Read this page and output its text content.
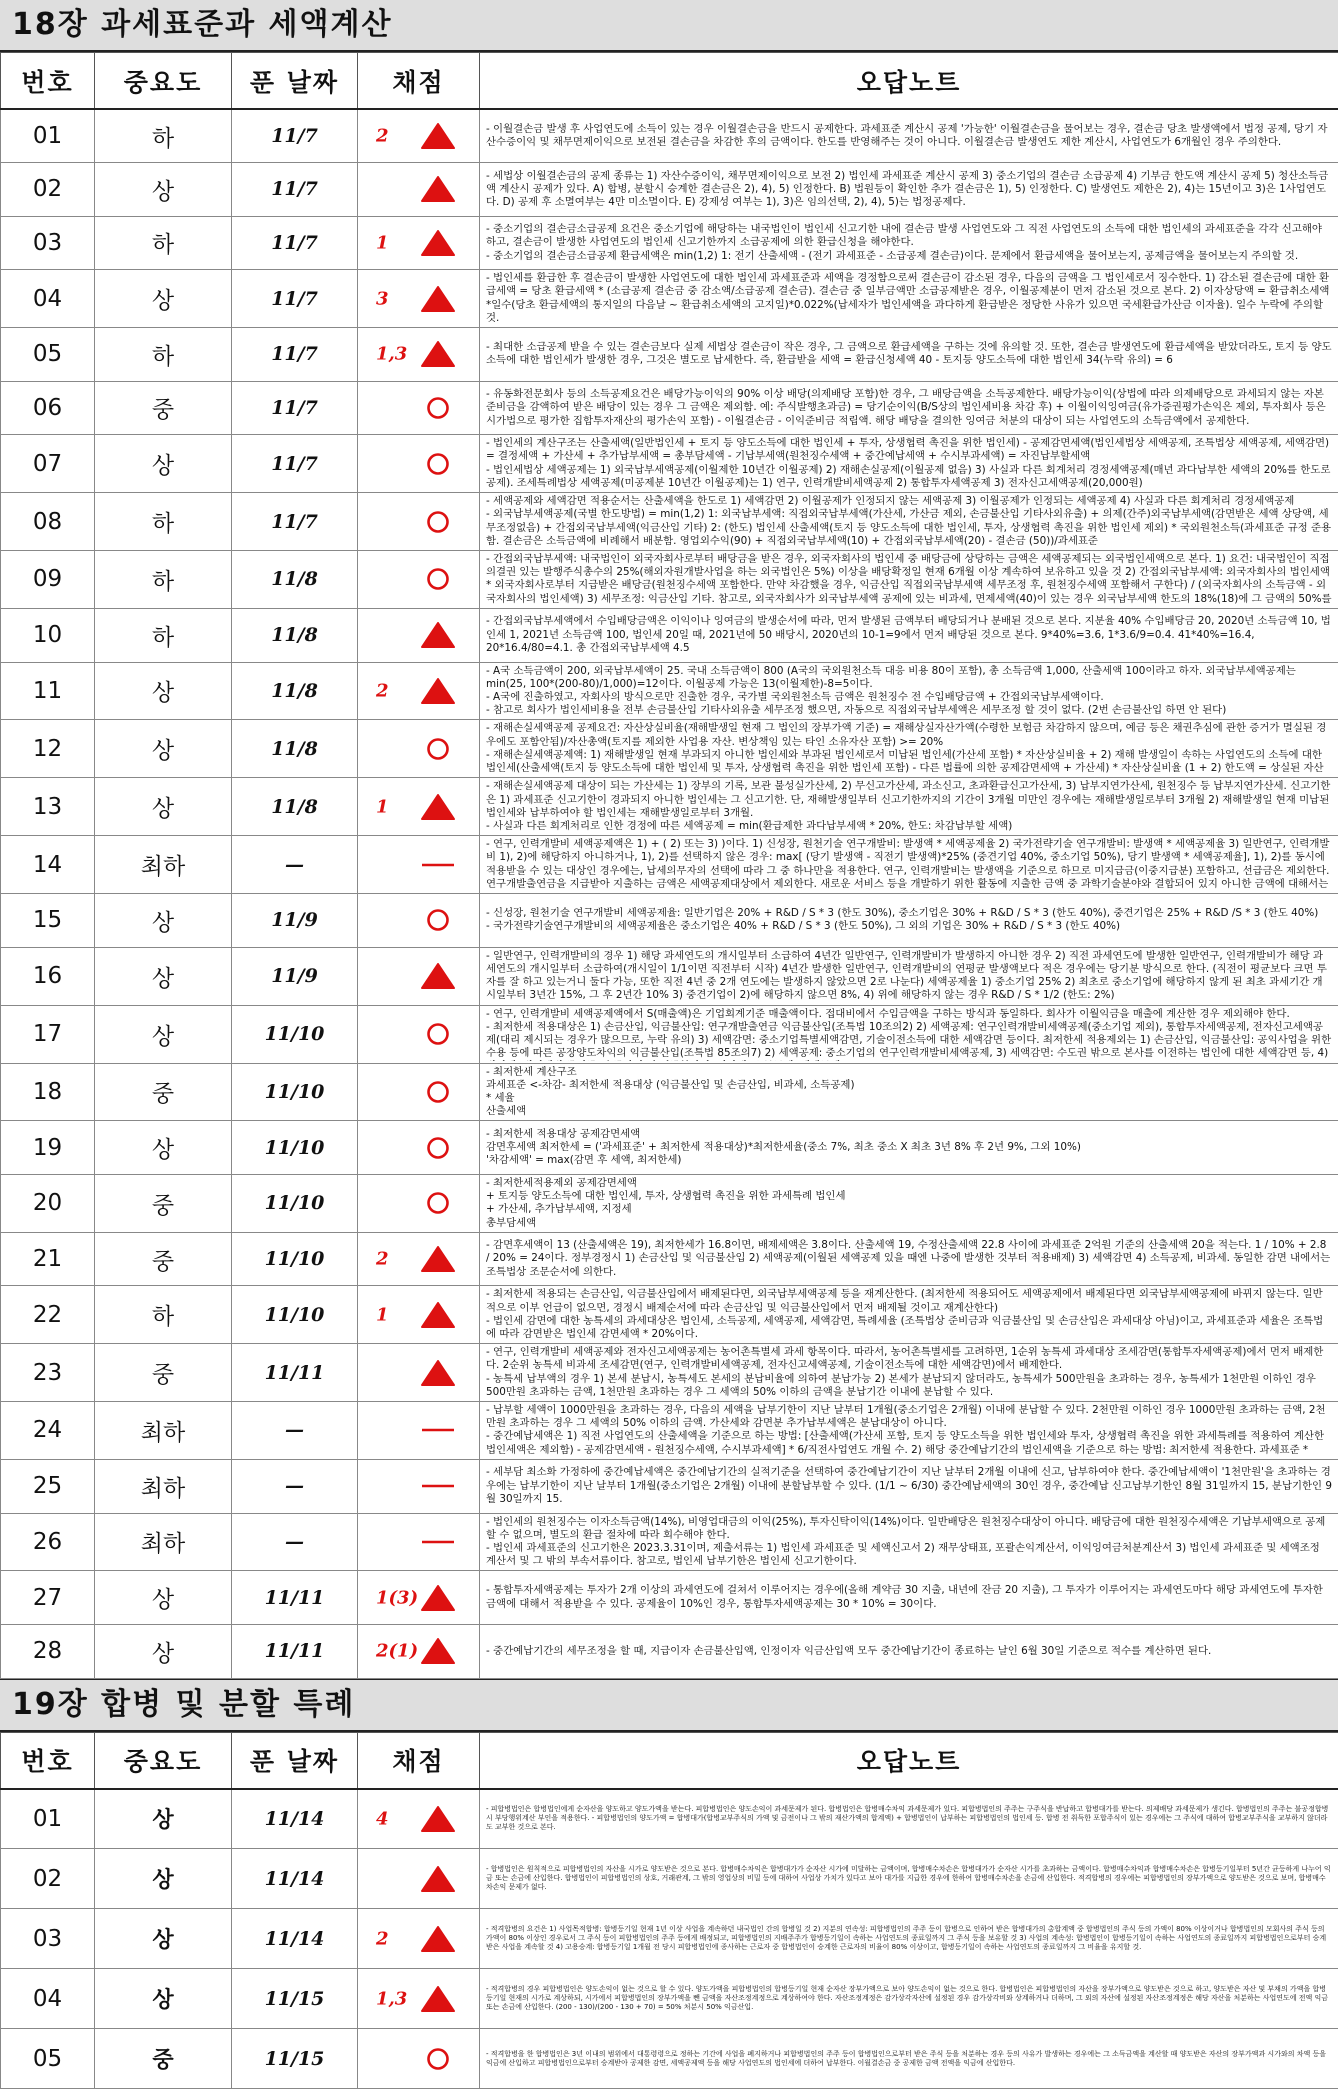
18장 과세표준과 세액계산
번호	중요도	푼 날짜	채점	오답노트
01	하	11/7	2	- 이월결손금 발생 후 사업연도에 소득이 있는 경우 이월결손금을 반드시 공제한다. 과세표준 계산시 공제 '가능한' 이월결손금을 물어보는 경우, 결손금 당초 발생액에서 법정 공제, 당기 자산수증이익 및 채무면제이익으로 보전된 결손금을 차감한 후의 금액이다. 한도를 반영해주는 것이 아니다. 이월결손금 발생연도 제한 계산시, 사업연도가 6개월인 경우 주의한다.

02	상	11/7		- 세법상 이월결손금의 공제 종류는 1) 자산수증이익, 채무면제이익으로 보전 2) 법인세 과세표준 계산시 공제 3) 중소기업의 결손금 소급공제 4) 기부금 한도액 계산시 공제 5) 청산소득금액 계산시 공제가 있다. A) 합병, 분할시 승계한 결손금은 2), 4), 5) 인정한다. B) 법원등이 확인한 추가 결손금은 1), 5) 인정한다. C) 발생연도 제한은 2), 4)는 15년이고 3)은 1사업연도다. D) 공제 후 소멸여부는 4만 미소멸이다. E) 강제성 여부는 1), 3)은 임의선택, 2), 4), 5)는 법정공제다.

03	하	11/7	1	- 중소기업의 결손금소급공제 요건은 중소기업에 해당하는 내국법인이 법인세 신고기한 내에 결손금 발생 사업연도와 그 직전 사업연도의 소득에 대한 법인세의 과세표준을 각각 신고해야 하고, 결손금이 발생한 사업연도의 법인세 신고기한까지 소급공제에 의한 환급신청을 해야한다.
- 중소기업의 결손금소급공제 환급세액은 min(1,2) 1: 전기 산출세액 - (전기 과세표준 - 소급공제 결손금)이다. 문제에서 환급세액을 물어보는지, 공제금액을 물어보는지 주의할 것.

04	상	11/7	3	- 법인세를 환급한 후 결손금이 발생한 사업연도에 대한 법인세 과세표준과 세액을 경정함으로써 결손금이 감소된 경우, 다음의 금액을 그 법인세로서 징수한다. 1) 감소된 결손금에 대한 환급세액 = 당초 환급세액 * (소급공제 결손금 중 감소액/소급공제 결손금). 결손금 중 일부금액만 소급공제받은 경우, 이월공제분이 먼저 감소된 것으로 본다. 2) 이자상당액 = 환급취소세액*일수(당초 환급세액의 통지일의 다음날 ~ 환급취소세액의 고지일)*0.022%(납세자가 법인세액을 과다하게 환급받은 정당한 사유가 있으면 국세환급가산금 이자율). 일수 누락에 주의할 것.

05	하	11/7	1,3	- 최대한 소급공제 받을 수 있는 결손금보다 실제 세법상 결손금이 작은 경우, 그 금액으로 환급세액을 구하는 것에 유의할 것. 또한, 결손금 발생연도에 환급세액을 받았더라도, 토지 등 양도소득에 대한 법인세가 발생한 경우, 그것은 별도로 납세한다. 즉, 환급받을 세액 = 환급신청세액 40 - 토지등 양도소득에 대한 법인세 34(누락 유의) = 6

06	중	11/7		- 유동화전문회사 등의 소득공제요건은 배당가능이익의 90% 이상 배당(의제배당 포함)한 경우, 그 배당금액을 소득공제한다. 배당가능이익(상법에 따라 의제배당으로 과세되지 않는 자본준비금을 감액하여 받은 배당이 있는 경우 그 금액은 제외함. 예: 주식발행초과금) = 당기순이익(B/S상의 법인세비용 차감 후) + 이월이익잉여금(유가증권평가손익은 제외, 투자회사 등은 시가법으로 평가한 집합투자재산의 평가손익 포함) - 이월결손금 - 이익준비금 적립액. 해당 배당을 결의한 잉여금 처분의 대상이 되는 사업연도의 소득금액에서 공제한다.

07	상	11/7		- 법인세의 계산구조는 산출세액(일반법인세 + 토지 등 양도소득에 대한 법인세 + 투자, 상생협력 촉진을 위한 법인세) - 공제감면세액(법인세법상 세액공제, 조특법상 세액공제, 세액감면) = 결정세액 + 가산세 + 추가납부세액 = 총부담세액 - 기납부세액(원천징수세액 + 중간예납세액 + 수시부과세액) = 자진납부할세액
- 법인세법상 세액공제는 1) 외국납부세액공제(이월제한 10년간 이월공제) 2) 재해손실공제(이월공제 없음) 3) 사실과 다른 회계처리 경정세액공제(매년 과다납부한 세액의 20%를 한도로 공제). 조세특례법상 세액공제(미공제분 10년간 이월공제)는 1) 연구, 인력개발비세액공제 2) 통합투자세액공제 3) 전자신고세액공제(20,000원)

08	하	11/7		- 세액공제와 세액감면 적용순서는 산출세액을 한도로 1) 세액감면 2) 이월공제가 인정되지 않는 세액공제 3) 이월공제가 인정되는 세액공제 4) 사실과 다른 회계처리 경정세액공제
- 외국납부세액공제(국별 한도방법) = min(1,2) 1: 외국납부세액: 직접외국납부세액(가산세, 가산금 제외, 손금불산입 기타사외유출) + 의제(간주)외국납부세액(감면받은 세액 상당액, 세무조정없음) + 간접외국납부세액(익금산입 기타) 2: (한도) 법인세 산출세액(토지 등 양도소득에 대한 법인세, 투자, 상생협력 촉진을 위한 법인세 제외) * 국외원천소득(과세표준 규정 준용함. 결손금은 소득금액에 비례해서 배분함. 영업외수익(90) + 직접외국납부세액(10) + 간접외국납부세액(20) - 결손금 (50))/과세표준

09	하	11/8		- 간접외국납부세액: 내국법인이 외국자회사로부터 배당금을 받은 경우, 외국자회사의 법인세 중 배당금에 상당하는 금액은 세액공제되는 외국법인세액으로 본다. 1) 요건: 내국법인이 직접 의결권 있는 발행주식총수의 25%(해외자원개발사업을 하는 외국법인은 5%) 이상을 배당확정일 현재 6개월 이상 계속하여 보유하고 있을 것 2) 간접외국납부세액: 외국자회사의 법인세액 * 외국자회사로부터 지급받은 배당금(원천징수세액 포함한다. 만약 차감했을 경우, 익금산입 직접외국납부세액 세무조정 후, 원천징수세액 포함해서 구한다) / (외국자회사의 소득금액 - 외국자회사의 법인세액) 3) 세무조정: 익금산입 기타. 참고로, 외국자회사가 외국납부세액 공제에 있는 비과세, 면제세액(40)이 있는 경우 외국납부세액 한도의 18%(18)에 그 금액의 50%를

10	하	11/8		- 간접외국납부세액에서 수입배당금액은 이익이나 잉여금의 발생순서에 따라, 먼저 발생된 금액부터 배당되거나 분배된 것으로 본다. 지분율 40% 수입배당금 20, 2020년 소득금액 10, 법인세 1, 2021년 소득금액 100, 법인세 20일 때, 2021년에 50 배당시, 2020년의 10-1=9에서 먼저 배당된 것으로 본다. 9*40%=3.6, 1*3.6/9=0.4. 41*40%=16.4, 20*16.4/80=4.1. 총 간접외국납부세액 4.5

11	상	11/8	2	- A국 소득금액이 200, 외국납부세액이 25. 국내 소득금액이 800 (A국의 국외원천소득 대응 비용 80이 포함), 총 소득금액 1,000, 산출세액 100이라고 하자. 외국납부세액공제는 min(25, 100*(200-80)/1,000)=12이다. 이월공제 가능은 13(이월제한)-8=5이다.
- A국에 진출하였고, 자회사의 방식으로만 진출한 경우, 국가별 국외원천소득 금액은 원천징수 전 수입배당금액 + 간접외국납부세액이다.
- 참고로 회사가 법인세비용을 전부 손금불산입 기타사외유출 세무조정 했으면, 자동으로 직접외국납부세액은 세무조정 할 것이 없다. (2번 손금불산입 하면 안 된다)

12	상	11/8		- 재해손실세액공제 공제요건: 자산상실비율(재해발생일 현재 그 법인의 장부가액 기준) = 재해상실자산가액(수령한 보험금 차감하지 않으며, 예금 등은 채권추심에 관한 증거가 멸실된 경우에도 포함안됨)/자산총액(토지를 제외한 사업용 자산. 변상책임 있는 타인 소유자산 포함) >= 20%
- 재해손실세액공제액: 1) 재해발생일 현재 부과되지 아니한 법인세와 부과된 법인세로서 미납된 법인세(가산세 포함) * 자산상실비율 + 2) 재해 발생일이 속하는 사업연도의 소득에 대한 법인세(산출세액(토지 등 양도소득에 대한 법인세 및 투자, 상생협력 촉진을 위한 법인세 포함) - 다른 법률에 의한 공제감면세액 + 가산세) * 자산상실비율 (1 + 2) 한도액 = 상실된 자산

13	상	11/8	1	- 재해손실세액공제 대상이 되는 가산세는 1) 장부의 기록, 보관 불성실가산세, 2) 무신고가산세, 과소신고, 초과환급신고가산세, 3) 납부지연가산세, 원천징수 등 납부지연가산세. 신고기한은 1) 과세표준 신고기한이 경과되지 아니한 법인세는 그 신고기한. 단, 재해발생일부터 신고기한까지의 기간이 3개월 미만인 경우에는 재해발생일로부터 3개월 2) 재해발생일 현재 미납된 법인세와 납부하여야 할 법인세는 재해발생일로부터 3개월.
- 사실과 다른 회계처리로 인한 경정에 따른 세액공제 = min(환급제한 과다납부세액 * 20%, 한도: 차감납부할 세액)

14	최하	—		- 연구, 인력개발비 세액공제액은 1) + ( 2) 또는 3) )이다. 1) 신성장, 원천기술 연구개발비: 발생액 * 세액공제율 2) 국가전략기술 연구개발비: 발생액 * 세액공제율 3) 일반연구, 인력개발비 1), 2)에 해당하지 아니하거나, 1), 2)를 선택하지 않은 경우: max[ (당기 발생액 - 직전기 발생액)*25% (중견기업 40%, 중소기업 50%), 당기 발생액 * 세액공제율], 1), 2)를 동시에 적용받을 수 있는 대상인 경우에는, 납세의무자의 선택에 따라 그 중 하나만을 적용한다. 연구, 인력개발비는 발생액을 기준으로 하므로 미지급금(이중지급분) 포함하고, 선급금은 제외한다. 연구개발출연금을 지급받아 지출하는 금액은 세액공제대상에서 제외한다. 새로운 서비스 등을 개발하기 위한 활동에 지출한 금액 중 과학기술분야와 결합되어 있지 아니한 금액에 대해서는

15	상	11/9		- 신성장, 원천기술 연구개발비 세액공제율: 일반기업은 20% + R&D / S * 3 (한도 30%), 중소기업은 30% + R&D / S * 3 (한도 40%), 중견기업은 25% + R&D /S * 3 (한도 40%)
- 국가전략기술연구개발비의 세액공제율은 중소기업은 40% + R&D / S * 3 (한도 50%), 그 외의 기업은 30% + R&D / S * 3 (한도 40%)

16	상	11/9		- 일반연구, 인력개발비의 경우 1) 해당 과세연도의 개시일부터 소급하여 4년간 일반연구, 인력개발비가 발생하지 아니한 경우 2) 직전 과세연도에 발생한 일반연구, 인력개발비가 해당 과세연도의 개시일부터 소급하여(개시일이 1/1이면 직전부터 시작) 4년간 발생한 일반연구, 인력개발비의 연평균 발생액보다 적은 경우에는 당기분 방식으로 한다. (직전이 평균보다 크면 투자를 잘 하고 있는거니 둘다 가능, 또한 직전 4년 중 2개 연도에는 발생하지 않았으면 2로 나눈다) 세액공제율 1) 중소기업 25% 2) 최초로 중소기업에 해당하지 않게 된 최초 과세기간 개시일부터 3년간 15%, 그 후 2년간 10% 3) 중견기업이 2)에 해당하지 않으면 8%, 4) 위에 해당하지 않는 경우 R&D / S * 1/2 (한도: 2%)

17	상	11/10		- 연구, 인력개발비 세액공제액에서 S(매출액)은 기업회계기준 매출액이다. 접대비에서 수입금액을 구하는 방식과 동일하다. 회사가 이월익금을 매출에 계산한 경우 제외해야 한다.
- 최저한세 적용대상은 1) 손금산입, 익금불산입: 연구개발출연금 익금불산입(조특법 10조의2) 2) 세액공제: 연구인력개발비세액공제(중소기업 제외), 통합투자세액공제, 전자신고세액공제(대리 제시되는 경우가 많으므로, 누락 유의) 3) 세액감면: 중소기업특별세액감면, 기술이전소득에 대한 세액감면 등이다. 최저한세 적용제외는 1) 손금산입, 익금불산입: 공익사업을 위한 수용 등에 따른 공장양도차익의 익금불산입(조특법 85조의7) 2) 세액공제: 중소기업의 연구인력개발비세액공제, 3) 세액감면: 수도권 밖으로 본사를 이전하는 법인에 대한 세액감면 등, 4)

18	중	11/10		- 최저한세 계산구조
과세표준 <-차감- 최저한세 적용대상 (익금불산입 및 손금산입, 비과세, 소득공제)
* 세율
산출세액

19	상	11/10		- 최저한세 적용대상 공제감면세액
감면후세액 최저한세 = ('과세표준' + 최저한세 적용대상)*최저한세율(중소 7%, 최초 중소 X 최초 3년 8% 후 2년 9%, 그외 10%)
'차감세액' = max(감면 후 세액, 최저한세)

20	중	11/10		- 최저한세적용제외 공제감면세액
+ 토지등 양도소득에 대한 법인세, 투자, 상생협력 촉진을 위한 과세특례 법인세
+ 가산세, 추가납부세액, 지정세
총부담세액

21	중	11/10	2	- 감면후세액이 13 (산출세액은 19), 최저한세가 16.8이면, 배제세액은 3.8이다. 산출세액 19, 수정산출세액 22.8 사이에 과세표준 2억원 기준의 산출세액 20을 적는다. 1 / 10% + 2.8 / 20% = 24이다. 정부경정시 1) 손금산입 및 익금불산입 2) 세액공제(이월된 세액공제 있을 때엔 나중에 발생한 것부터 적용배제) 3) 세액감면 4) 소득공제, 비과세. 동일한 감면 내에서는 조특법상 조문순서에 의한다.

22	하	11/10	1	- 최저한세 적용되는 손금산입, 익금불산입에서 배제된다면, 외국납부세액공제 등을 재계산한다. (최저한세 적용되어도 세액공제에서 배제된다면 외국납부세액공제에 바뀌지 않는다. 일반적으로 이부 언급이 없으면, 경정시 배제순서에 따라 손금산입 및 익금불산입에서 먼저 배제될 것이고 재계산한다)
- 법인세 감면에 대한 농특세의 과세대상은 법인세, 소득공제, 세액공제, 세액감면, 특례세율 (조특법상 준비금과 익금불산입 및 손금산입은 과세대상 아님)이고, 과세표준과 세율은 조특법에 따라 감면받은 법인세 감면세액 * 20%이다.

23	중	11/11		- 연구, 인력개발비 세액공제와 전자신고세액공제는 농어촌특별세 과세 항목이다. 따라서, 농어촌특별세를 고려하면, 1순위 농특세 과세대상 조세감면(통합투자세액공제)에서 먼저 배제한다. 2순위 농특세 비과세 조세감면(연구, 인력개발비세액공제, 전자신고세액공제, 기술이전소득에 대한 세액감면)에서 배제한다.
- 농특세 납부액의 경우 1) 본세 분납시, 농특세도 본세의 분납비율에 의하여 분납가능 2) 본세가 분납되지 않더라도, 농특세가 500만원을 초과하는 경우, 농특세가 1천만원 이하인 경우 500만원 초과하는 금액, 1천만원 초과하는 경우 그 세액의 50% 이하의 금액을 분납기간 이내에 분납할 수 있다.

24	최하	—		- 납부할 세액이 1000만원을 초과하는 경우, 다음의 세액을 납부기한이 지난 날부터 1개월(중소기업은 2개월) 이내에 분납할 수 있다. 2천만원 이하인 경우 1000만원 초과하는 금액, 2천만원 초과하는 경우 그 세액의 50% 이하의 금액. 가산세와 감면분 추가납부세액은 분납대상이 아니다.
- 중간예납세액은 1) 직전 사업연도의 산출세액을 기준으로 하는 방법: [산출세액(가산세 포함, 토지 등 양도소득을 위한 법인세와 투자, 상생협력 촉진을 위한 과세특례를 적용하여 계산한 법인세액은 제외함) - 공제감면세액 - 원천징수세액, 수시부과세액] * 6/직전사업연도 개월 수. 2) 해당 중간예납기간의 법인세액을 기준으로 하는 방법: 최저한세 적용한다. 과세표준 *

25	최하	—		- 세부담 최소화 가정하에 중간예납세액은 중간예납기간의 실적기준을 선택하여 중간예납기간이 지난 날부터 2개월 이내에 신고, 납부하여야 한다. 중간예납세액이 '1천만원'을 초과하는 경우에는 납부기한이 지난 날부터 1개월(중소기업은 2개월) 이내에 분할납부할 수 있다. (1/1 ~ 6/30) 중간예납세액의 30인 경우, 중간예납 신고납부기한인 8월 31일까지 15, 분납기한인 9월 30일까지 15.

26	최하	—		- 법인세의 원천징수는 이자소득금액(14%), 비영업대금의 이익(25%), 투자신탁이익(14%)이다. 일반배당은 원천징수대상이 아니다. 배당금에 대한 원천징수세액은 기납부세액으로 공제할 수 없으며, 별도의 환급 절차에 따라 회수해야 한다.
- 법인세 과세표준의 신고기한은 2023.3.31이며, 제출서류는 1) 법인세 과세표준 및 세액신고서 2) 재무상태표, 포괄손익계산서, 이익잉여금처분계산서 3) 법인세 과세표준 및 세액조정 계산서 및 그 밖의 부속서류이다. 참고로, 법인세 납부기한은 법인세 신고기한이다.

27	상	11/11	1(3)	- 통합투자세액공제는 투자가 2개 이상의 과세연도에 걸쳐서 이루어지는 경우에(올해 계약금 30 지출, 내년에 잔금 20 지출), 그 투자가 이루어지는 과세연도마다 해당 과세연도에 투자한 금액에 대해서 적용받을 수 있다. 공제율이 10%인 경우, 통합투자세액공제는 30 * 10% = 30이다.

28	상	11/11	2(1)	- 중간예납기간의 세무조정을 할 때, 지급이자 손금불산입액, 인정이자 익금산입액 모두 중간예납기간이 종료하는 날인 6월 30일 기준으로 적수를 계산하면 된다.
19장 합병 및 분할 특례
번호	중요도	푼 날짜	채점	오답노트
01	상	11/14	4	- 피합병법인은 합병법인에게 순자산을 양도하고 양도가액을 받는다. 피합병법인은 양도손익이 과세문제가 된다. 합병법인은 합병매수차익 과세문제가 있다. 피합병법인의 주주는 구주식을 반납하고 합병대가를 받는다. 의제배당 과세문제가 생긴다. 합병법인의 주주는 불공정합병시 부당행위계산 부인을 적용한다. - 피합병법인의 양도가액 = 합병대가(합병교부주식의 가액 및 금전이나 그 밖의 재산가액의 합계액) + 합병법인이 납부하는 피합병법인의 법인세 등. 합병 전 취득한 포합주식이 있는 경우에는 그 주식에 대하여 합병교부주식을 교부하지 않더라도 교부한 것으로 본다.

02	상	11/14		- 합병법인은 원칙적으로 피합병법인의 자산을 시가로 양도받은 것으로 본다. 합병매수차익은 합병대가가 순자산 시가에 미달하는 금액이며, 합병매수차손은 합병대가가 순자산 시가를 초과하는 금액이다. 합병매수차익과 합병매수차손은 합병등기일부터 5년간 균등하게 나누어 익금 또는 손금에 산입한다. 합병법인이 피합병법인의 상호, 거래관계, 그 밖의 영업상의 비밀 등에 대하여 사업상 가치가 있다고 보아 대가를 지급한 경우에 한하여 합병매수차손을 손금에 산입한다. 적격합병의 경우에는 피합병법인의 장부가액으로 양도받은 것으로 보며, 합병매수차손익 문제가 없다.

03	상	11/14	2	- 적격합병의 요건은 1) 사업목적합병: 합병등기일 현재 1년 이상 사업을 계속하던 내국법인 간의 합병일 것 2) 지분의 연속성: 피합병법인의 주주 등이 합병으로 인하여 받은 합병대가의 총합계액 중 합병법인의 주식 등의 가액이 80% 이상이거나 합병법인의 모회사의 주식 등의 가액이 80% 이상인 경우로서 그 주식 등이 피합병법인의 주주 등에게 배정되고, 피합병법인의 지배주주가 합병등기일이 속하는 사업연도의 종료일까지 그 주식 등을 보유할 것 3) 사업의 계속성: 합병법인이 합병등기일이 속하는 사업연도의 종료일까지 피합병법인으로부터 승계받은 사업을 계속할 것 4) 고용승계: 합병등기일 1개월 전 당시 피합병법인에 종사하는 근로자 중 합병법인이 승계한 근로자의 비율이 80% 이상이고, 합병등기일이 속하는 사업연도의 종료일까지 그 비율을 유지할 것.

04	상	11/15	1,3	- 적격합병의 경우 피합병법인은 양도손익이 없는 것으로 할 수 있다. 양도가액을 피합병법인의 합병등기일 현재 순자산 장부가액으로 보아 양도손익이 없는 것으로 한다. 합병법인은 피합병법인의 자산을 장부가액으로 양도받은 것으로 하고, 양도받은 자산 및 부채의 가액을 합병등기일 현재의 시가로 계상하되, 시가에서 피합병법인의 장부가액을 뺀 금액을 자산조정계정으로 계상하여야 한다. 자산조정계정은 감가상각자산에 설정된 경우 감가상각비와 상계하거나 더하며, 그 외의 자산에 설정된 자산조정계정은 해당 자산을 처분하는 사업연도에 전액 익금 또는 손금에 산입한다. (200 - 130)/(200 - 130 + 70) = 50% 처분시 50% 익금산입.

05	중	11/15		- 적격합병을 한 합병법인은 3년 이내의 범위에서 대통령령으로 정하는 기간에 사업을 폐지하거나 피합병법인의 주주 등이 합병법인으로부터 받은 주식 등을 처분하는 경우 등의 사유가 발생하는 경우에는 그 소득금액을 계산할 때 양도받은 자산의 장부가액과 시가와의 차액 등을 익금에 산입하고 피합병법인으로부터 승계받아 공제한 감면, 세액공제액 등을 해당 사업연도의 법인세에 더하여 납부한다. 이월결손금 중 공제한 금액 전액을 익금에 산입한다.
